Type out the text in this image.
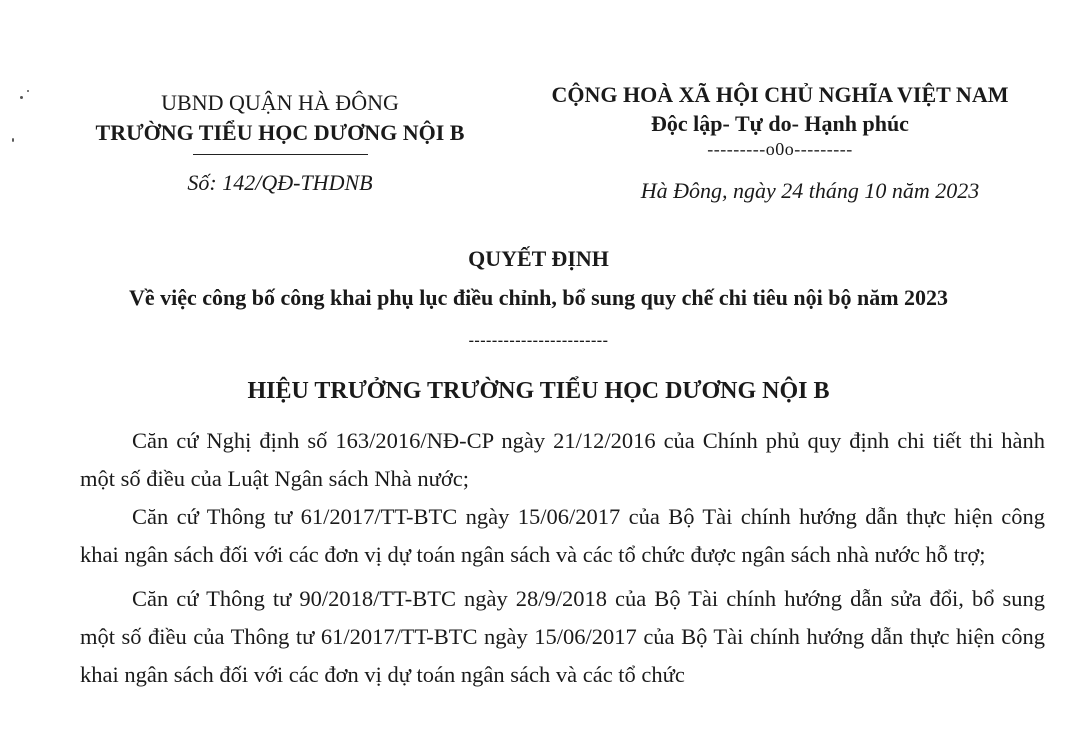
UBND QUẬN HÀ ĐÔNG
TRƯỜNG TIỂU HỌC DƯƠNG NỘI B
CỘNG HOÀ XÃ HỘI CHỦ NGHĨA VIỆT NAM
Độc lập- Tự do- Hạnh phúc
---------o0o---------
Số: 142/QĐ-THDNB	Hà Đông, ngày 24 tháng 10 năm 2023
QUYẾT ĐỊNH
Về việc công bố công khai phụ lục điều chỉnh, bổ sung quy chế chi tiêu nội bộ năm 2023
------------------------
HIỆU TRƯỞNG TRƯỜNG TIỂU HỌC DƯƠNG NỘI B

Căn cứ Nghị định số 163/2016/NĐ-CP ngày 21/12/2016 của Chính phủ quy định chi tiết thi hành một số điều của Luật Ngân sách Nhà nước;

Căn cứ Thông tư 61/2017/TT-BTC ngày 15/06/2017 của Bộ Tài chính hướng dẫn thực hiện công khai ngân sách đối với các đơn vị dự toán ngân sách và các tổ chức được ngân sách nhà nước hỗ trợ;

Căn cứ Thông tư 90/2018/TT-BTC ngày 28/9/2018 của Bộ Tài chính hướng dẫn sửa đổi, bổ sung một số điều của Thông tư 61/2017/TT-BTC ngày 15/06/2017 của Bộ Tài chính hướng dẫn thực hiện công khai ngân sách đối với các đơn vị dự toán ngân sách và các tổ chức
